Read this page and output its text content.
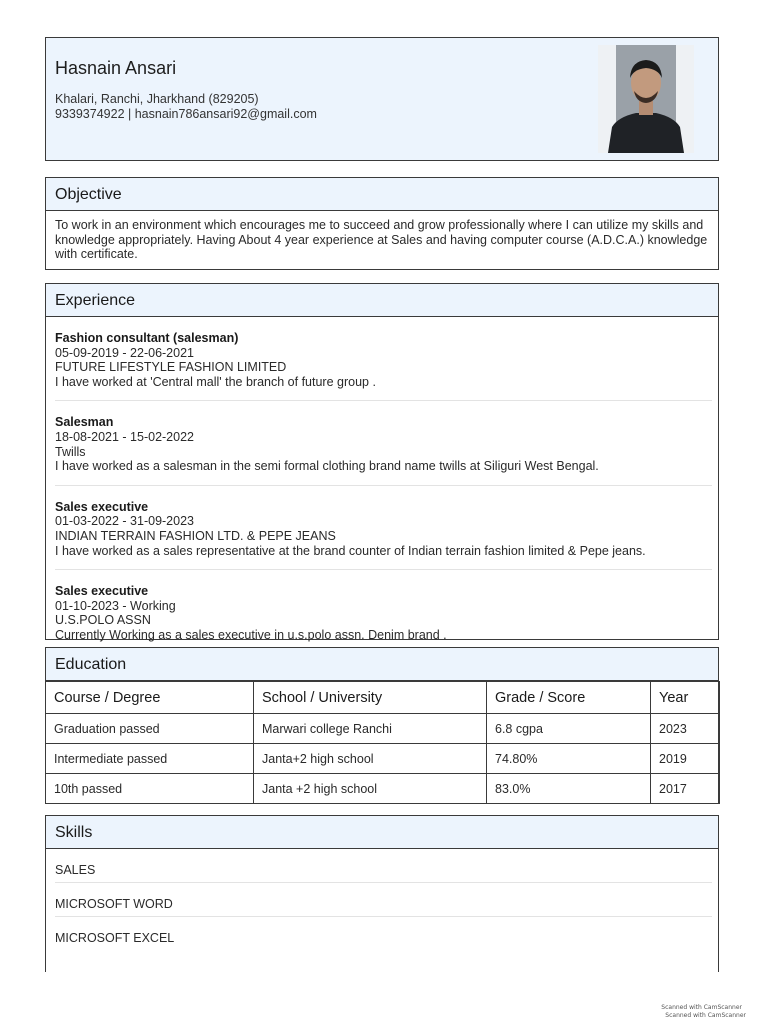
Hasnain Ansari
Khalari, Ranchi, Jharkhand (829205)
9339374922 | hasnain786ansari92@gmail.com
Objective
To work in an environment which encourages me to succeed and grow professionally where I can utilize my skills and knowledge appropriately. Having About 4 year experience at Sales and having computer course (A.D.C.A.) knowledge with certificate.
Experience
Fashion consultant (salesman)
05-09-2019 - 22-06-2021
FUTURE LIFESTYLE FASHION LIMITED
I have worked at 'Central mall' the branch of future group .
Salesman
18-08-2021 - 15-02-2022
Twills
I have worked as a salesman in the semi formal clothing brand name twills at Siliguri West Bengal.
Sales executive
01-03-2022 - 31-09-2023
INDIAN TERRAIN FASHION LTD. & PEPE JEANS
I have worked as a sales representative at the brand counter of Indian terrain fashion limited & Pepe jeans.
Sales executive
01-10-2023 - Working
U.S.POLO ASSN
Currently Working as a sales executive in u.s.polo assn. Denim brand .
Education
Course / Degree	School / University	Grade / Score	Year
Graduation passed	Marwari college Ranchi	6.8 cgpa	2023
Intermediate passed	Janta+2 high school	74.80%	2019
10th passed	Janta +2 high school	83.0%	2017
Skills
SALES
MICROSOFT WORD
MICROSOFT EXCEL
Scanned with CamScanner
Scanned with CamScanner
